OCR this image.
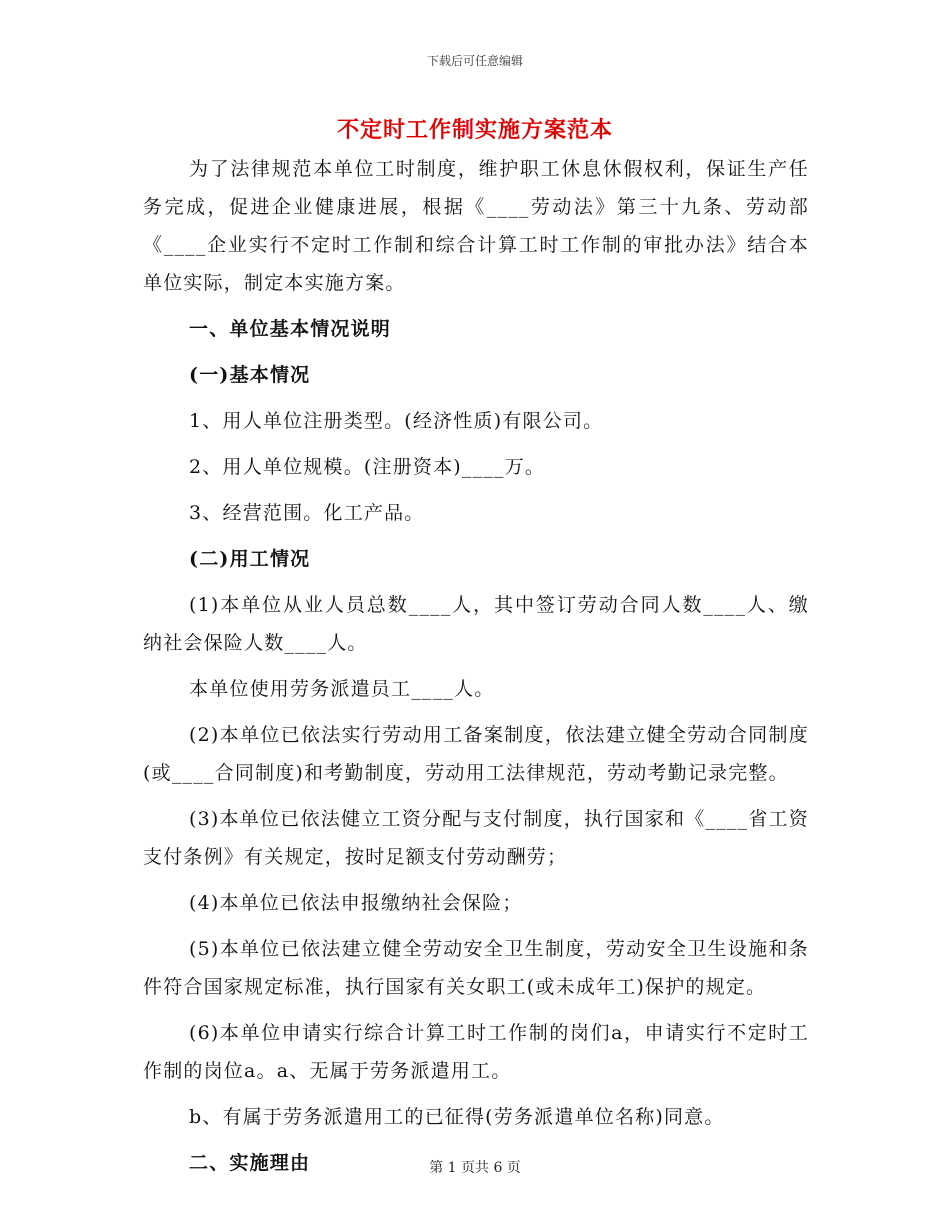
下载后可任意编辑
不定时工作制实施方案范本

为了法律规范本单位工时制度，维护职工休息休假权利，保证生产任务完成，促进企业健康进展，根据《____劳动法》第三十九条、劳动部《____企业实行不定时工作制和综合计算工时工作制的审批办法》结合本单位实际，制定本实施方案。

一、单位基本情况说明

(一)基本情况

1、用人单位注册类型。(经济性质)有限公司。

2、用人单位规模。(注册资本)____万。

3、经营范围。化工产品。

(二)用工情况

(1)本单位从业人员总数____人，其中签订劳动合同人数____人、缴纳社会保险人数____人。

本单位使用劳务派遣员工____人。

(2)本单位已依法实行劳动用工备案制度，依法建立健全劳动合同制度(或____合同制度)和考勤制度，劳动用工法律规范，劳动考勤记录完整。

(3)本单位已依法健立工资分配与支付制度，执行国家和《____省工资支付条例》有关规定，按时足额支付劳动酬劳；

(4)本单位已依法申报缴纳社会保险；

(5)本单位已依法建立健全劳动安全卫生制度，劳动安全卫生设施和条件符合国家规定标准，执行国家有关女职工(或未成年工)保护的规定。

(6)本单位申请实行综合计算工时工作制的岗们a，申请实行不定时工作制的岗位a。a、无属于劳务派遣用工。

b、有属于劳务派遣用工的已征得(劳务派遣单位名称)同意。

二、实施理由	第 1 页共 6 页
